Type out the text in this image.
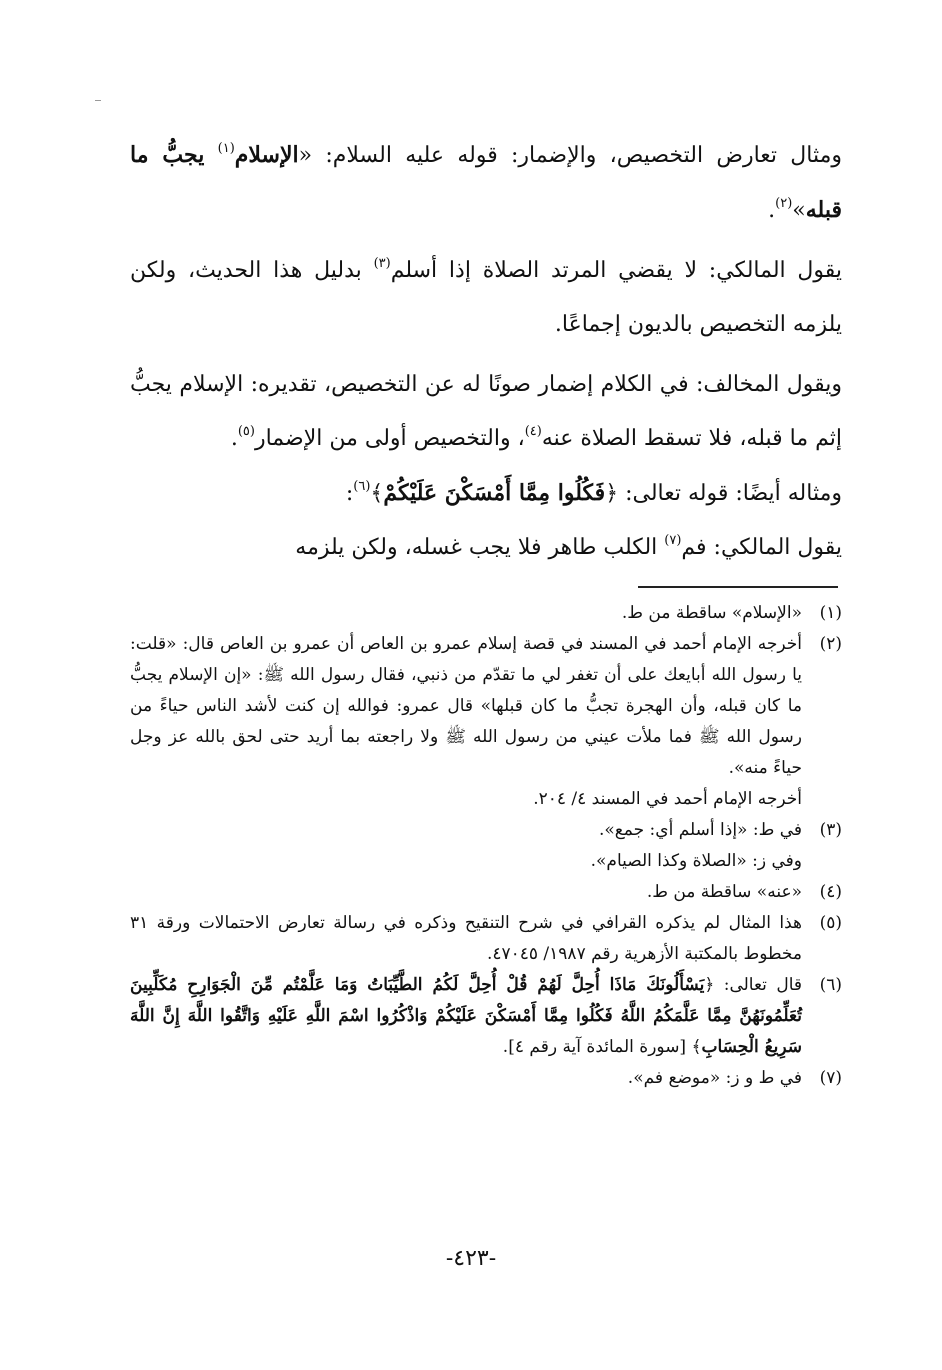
ومثال تعارض التخصيص، والإضمار: قوله عليه السلام: «الإسلام$^{(١)}$ يجبُّ ما قبله»$^{(٢)}$.

يقول المالكي: لا يقضي المرتد الصلاة إذا أسلم$^{(٣)}$ بدليل هذا الحديث، ولكن يلزمه التخصيص بالديون إجماعًا.

ويقول المخالف: في الكلام إضمار صونًا له عن التخصيص، تقديره: الإسلام يجبُّ إثم ما قبله، فلا تسقط الصلاة عنه$^{(٤)}$، والتخصيص أولى من الإضمار$^{(٥)}$.

ومثاله أيضًا: قوله تعالى: ﴿فَكُلُوا مِمَّا أَمْسَكْنَ عَلَيْكُمْ﴾$^{(٦)}$:

يقول المالكي: فم$^{(٧)}$ الكلب طاهر فلا يجب غسله، ولكن يلزمه

(١)
«الإسلام» ساقطة من ط.
(٢)
أخرجه الإمام أحمد في المسند في قصة إسلام عمرو بن العاص أن عمرو بن العاص قال: «قلت: يا رسول الله أبايعك على أن تغفر لي ما تقدّم من ذنبي، فقال رسول الله ﷺ: «إن الإسلام يجبُّ ما كان قبله، وأن الهجرة تجبُّ ما كان قبلها» قال عمرو: فوالله إن كنت لأشد الناس حياءً من رسول الله ﷺ فما ملأت عيني من رسول الله ﷺ ولا راجعته بما أريد حتى لحق بالله عز وجل حياءً منه».
أخرجه الإمام أحمد في المسند ٤/ ٢٠٤.
(٣)
في ط: «إذا أسلم أي: جمع».
وفي ز: «الصلاة وكذا الصيام».
(٤)
«عنه» ساقطة من ط.
(٥)
هذا المثال لم يذكره القرافي في شرح التنقيح وذكره في رسالة تعارض الاحتمالات ورقة ٣١ مخطوط بالمكتبة الأزهرية رقم ١٩٨٧/ ٤٧٠٤٥.
(٦)
قال تعالى: ﴿يَسْأَلُونَكَ مَاذَا أُحِلَّ لَهُمْ قُلْ أُحِلَّ لَكُمُ الطَّيِّبَاتُ وَمَا عَلَّمْتُم مِّنَ الْجَوَارِحِ مُكَلِّبِينَ تُعَلِّمُونَهُنَّ مِمَّا عَلَّمَكُمُ اللَّهُ فَكُلُوا مِمَّا أَمْسَكْنَ عَلَيْكُمْ وَاذْكُرُوا اسْمَ اللَّهِ عَلَيْهِ وَاتَّقُوا اللَّهَ إِنَّ اللَّهَ سَرِيعُ الْحِسَابِ﴾ [سورة المائدة آية رقم ٤].
(٧)
في ط و ز: «موضع فم».
-٤٢٣-
